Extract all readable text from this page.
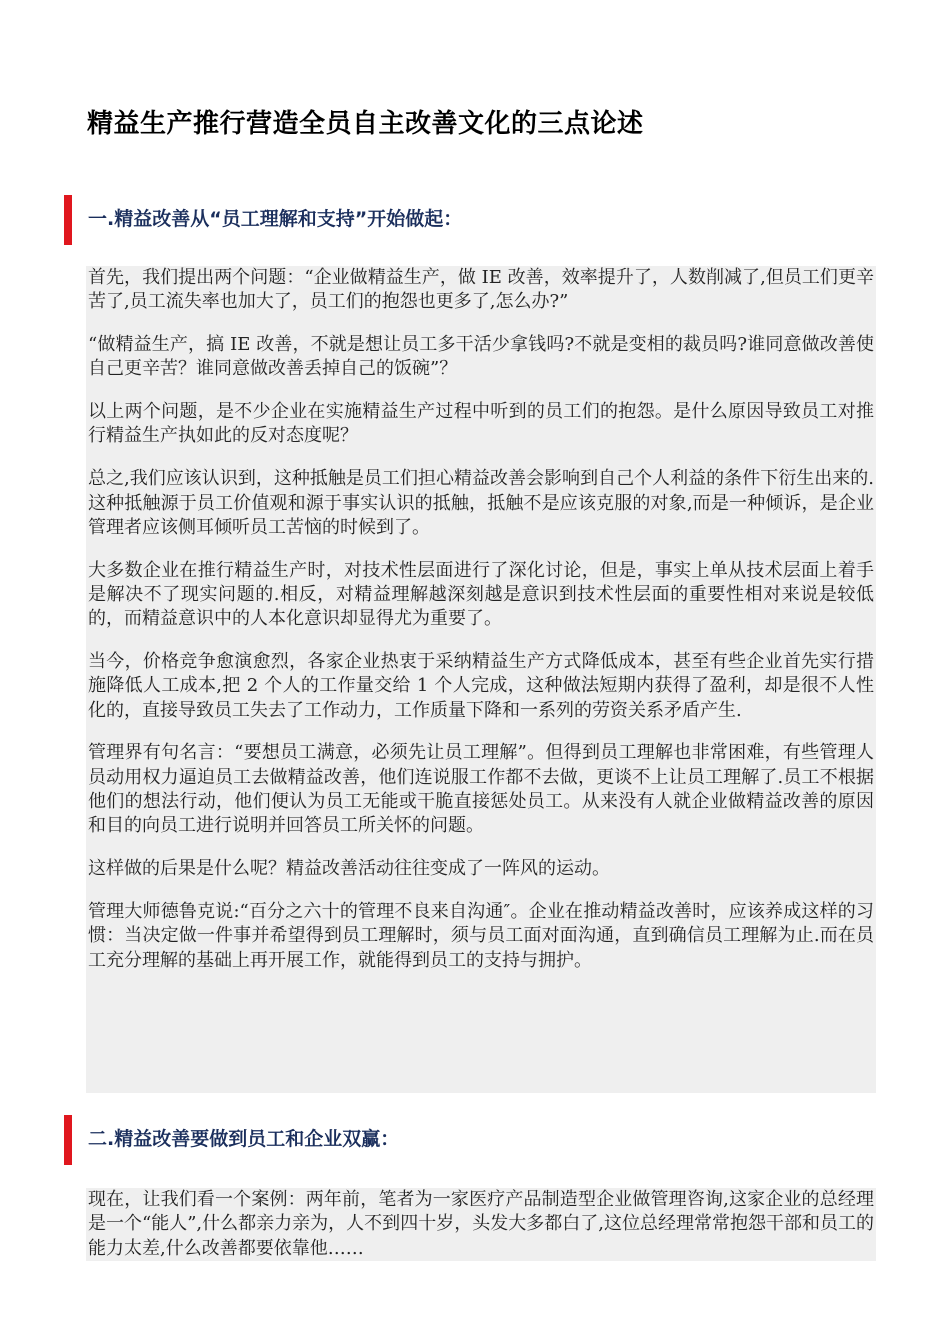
精益生产推行营造全员自主改善文化的三点论述
一.精益改善从“员工理解和支持”开始做起：

首先，我们提出两个问题：“企业做精益生产，做 IE 改善，效率提升了，人数削减了,但员工们更辛苦了,员工流失率也加大了，员工们的抱怨也更多了,怎么办?”

“做精益生产，搞 IE 改善，不就是想让员工多干活少拿钱吗?不就是变相的裁员吗?谁同意做改善使自己更辛苦？谁同意做改善丢掉自己的饭碗”？

以上两个问题，是不少企业在实施精益生产过程中听到的员工们的抱怨。是什么原因导致员工对推行精益生产执如此的反对态度呢？

总之,我们应该认识到，这种抵触是员工们担心精益改善会影响到自己个人利益的条件下衍生出来的.这种抵触源于员工价值观和源于事实认识的抵触，抵触不是应该克服的对象,而是一种倾诉，是企业管理者应该侧耳倾听员工苦恼的时候到了。

大多数企业在推行精益生产时，对技术性层面进行了深化讨论，但是，事实上单从技术层面上着手是解决不了现实问题的.相反，对精益理解越深刻越是意识到技术性层面的重要性相对来说是较低的，而精益意识中的人本化意识却显得尤为重要了。

当今，价格竞争愈演愈烈，各家企业热衷于采纳精益生产方式降低成本，甚至有些企业首先实行措施降低人工成本,把 2 个人的工作量交给 1 个人完成，这种做法短期内获得了盈利，却是很不人性化的，直接导致员工失去了工作动力，工作质量下降和一系列的劳资关系矛盾产生.

管理界有句名言：“要想员工满意，必须先让员工理解”。但得到员工理解也非常困难，有些管理人员动用权力逼迫员工去做精益改善，他们连说服工作都不去做，更谈不上让员工理解了.员工不根据他们的想法行动，他们便认为员工无能或干脆直接惩处员工。从来没有人就企业做精益改善的原因和目的向员工进行说明并回答员工所关怀的问题。

这样做的后果是什么呢？精益改善活动往往变成了一阵风的运动。

管理大师德鲁克说:“百分之六十的管理不良来自沟通″。企业在推动精益改善时，应该养成这样的习惯：当决定做一件事并希望得到员工理解时，须与员工面对面沟通，直到确信员工理解为止.而在员工充分理解的基础上再开展工作，就能得到员工的支持与拥护。

二.精益改善要做到员工和企业双赢：

现在，让我们看一个案例：两年前，笔者为一家医疗产品制造型企业做管理咨询,这家企业的总经理是一个“能人”,什么都亲力亲为，人不到四十岁，头发大多都白了,这位总经理常常抱怨干部和员工的能力太差,什么改善都要依靠他……
